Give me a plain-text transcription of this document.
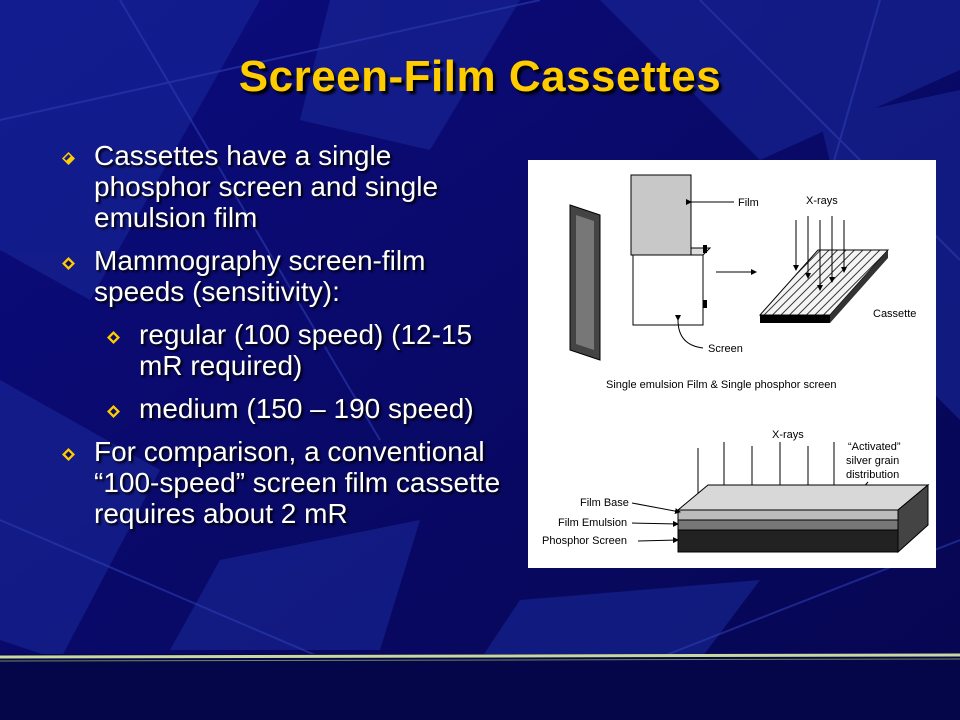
Screen-Film Cassettes
Cassettes have a single phosphor screen and single emulsion film
Mammography screen-film speeds (sensitivity):
regular (100 speed) (12-15 mR required)
medium (150 – 190 speed)
For comparison, a conventional “100-speed” screen film cassette requires about 2 mR
Film
Screen
X-rays
Cassette
Single emulsion Film & Single phosphor screen
X-rays
“Activated”
silver grain
distribution
Film Base
Film Emulsion
Phosphor Screen
